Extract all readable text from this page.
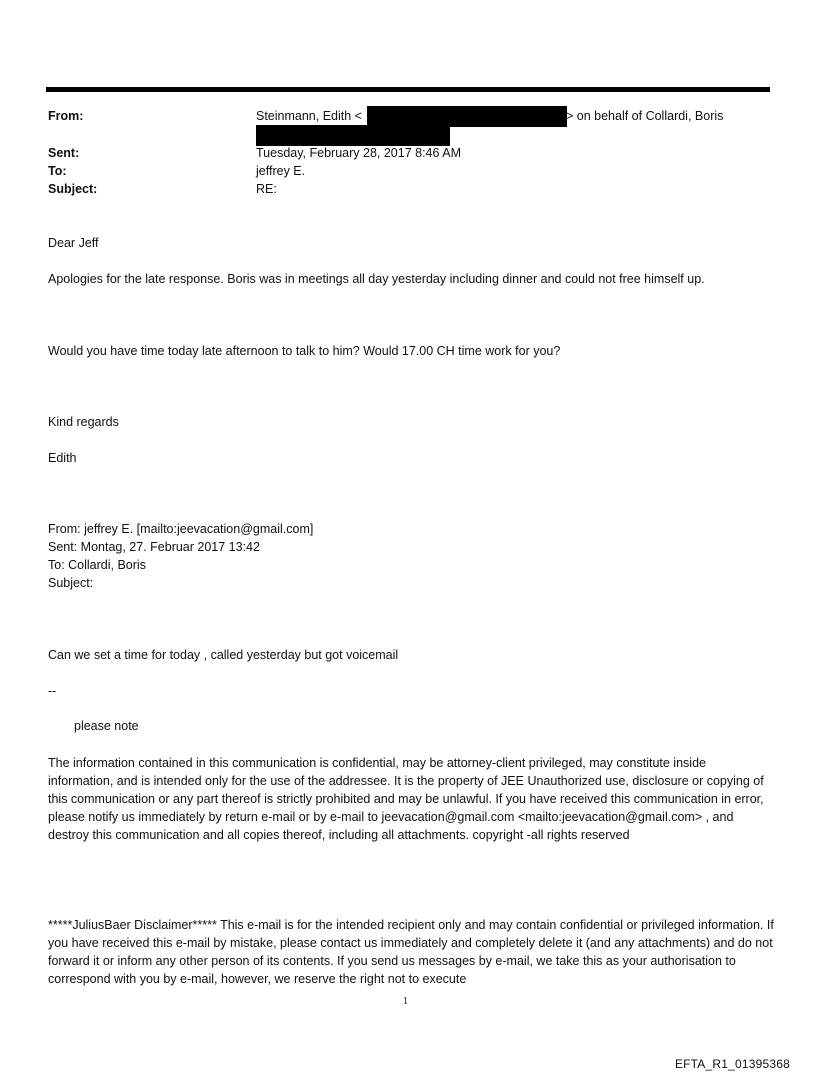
From:	Steinmann, Edith <	> on behalf of Collardi, Boris
Sent:	Tuesday, February 28, 2017 8:46 AM
To:	jeffrey E.
Subject:	RE:
Dear Jeff
Apologies for the late response. Boris was in meetings all day yesterday including dinner and could not free himself up.
Would you have time today late afternoon to talk to him? Would 17.00 CH time work for you?
Kind regards
Edith
From: jeffrey E. [mailto:jeevacation@gmail.com]
Sent: Montag, 27. Februar 2017 13:42
To: Collardi, Boris
Subject:
Can we set a time for today , called yesterday but got voicemail
--
please note
The information contained in this communication is confidential, may be attorney-client privileged, may constitute inside information, and is intended only for the use of the addressee. It is the property of JEE Unauthorized use, disclosure or copying of this communication or any part thereof is strictly prohibited and may be unlawful. If you have received this communication in error, please notify us immediately by return e-mail or by e-mail to jeevacation@gmail.com <mailto:jeevacation@gmail.com> , and destroy this communication and all copies thereof, including all attachments. copyright -all rights reserved
*****JuliusBaer Disclaimer***** This e-mail is for the intended recipient only and may contain confidential or privileged information. If you have received this e-mail by mistake, please contact us immediately and completely delete it (and any attachments) and do not forward it or inform any other person of its contents. If you send us messages by e-mail, we take this as your authorisation to correspond with you by e-mail, however, we reserve the right not to execute
1
EFTA_R1_01395368
